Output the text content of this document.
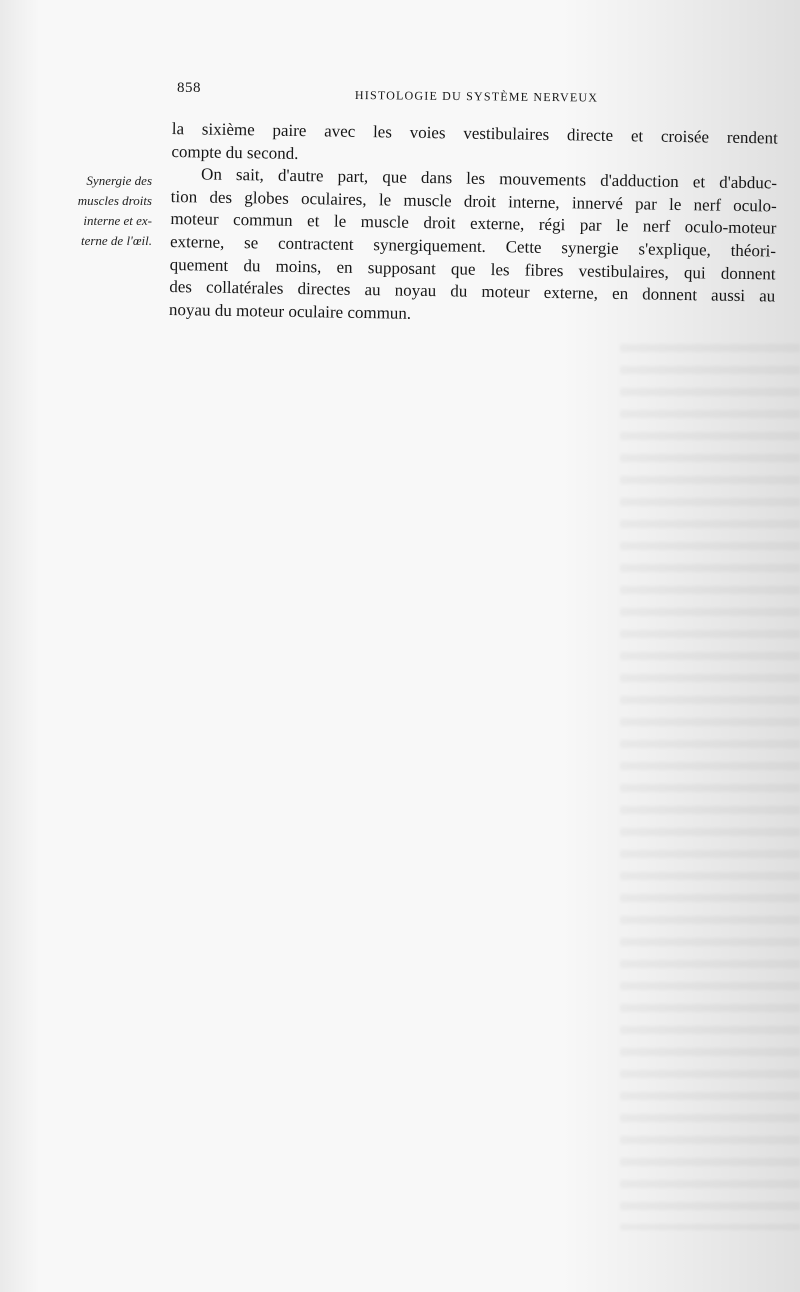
858	HISTOLOGIE DU SYSTÈME NERVEUX
Synergie des
muscles droits
interne et ex-
terne de l'œil.
la sixième paire avec les voies vestibulaires directe et croisée rendent
compte du second.
On sait, d'autre part, que dans les mouvements d'adduction et d'abduc-
tion des globes oculaires, le muscle droit interne, innervé par le nerf oculo-
moteur commun et le muscle droit externe, régi par le nerf oculo-moteur
externe, se contractent synergiquement. Cette synergie s'explique, théori-
quement du moins, en supposant que les fibres vestibulaires, qui donnent
des collatérales directes au noyau du moteur externe, en donnent aussi au
noyau du moteur oculaire commun.
